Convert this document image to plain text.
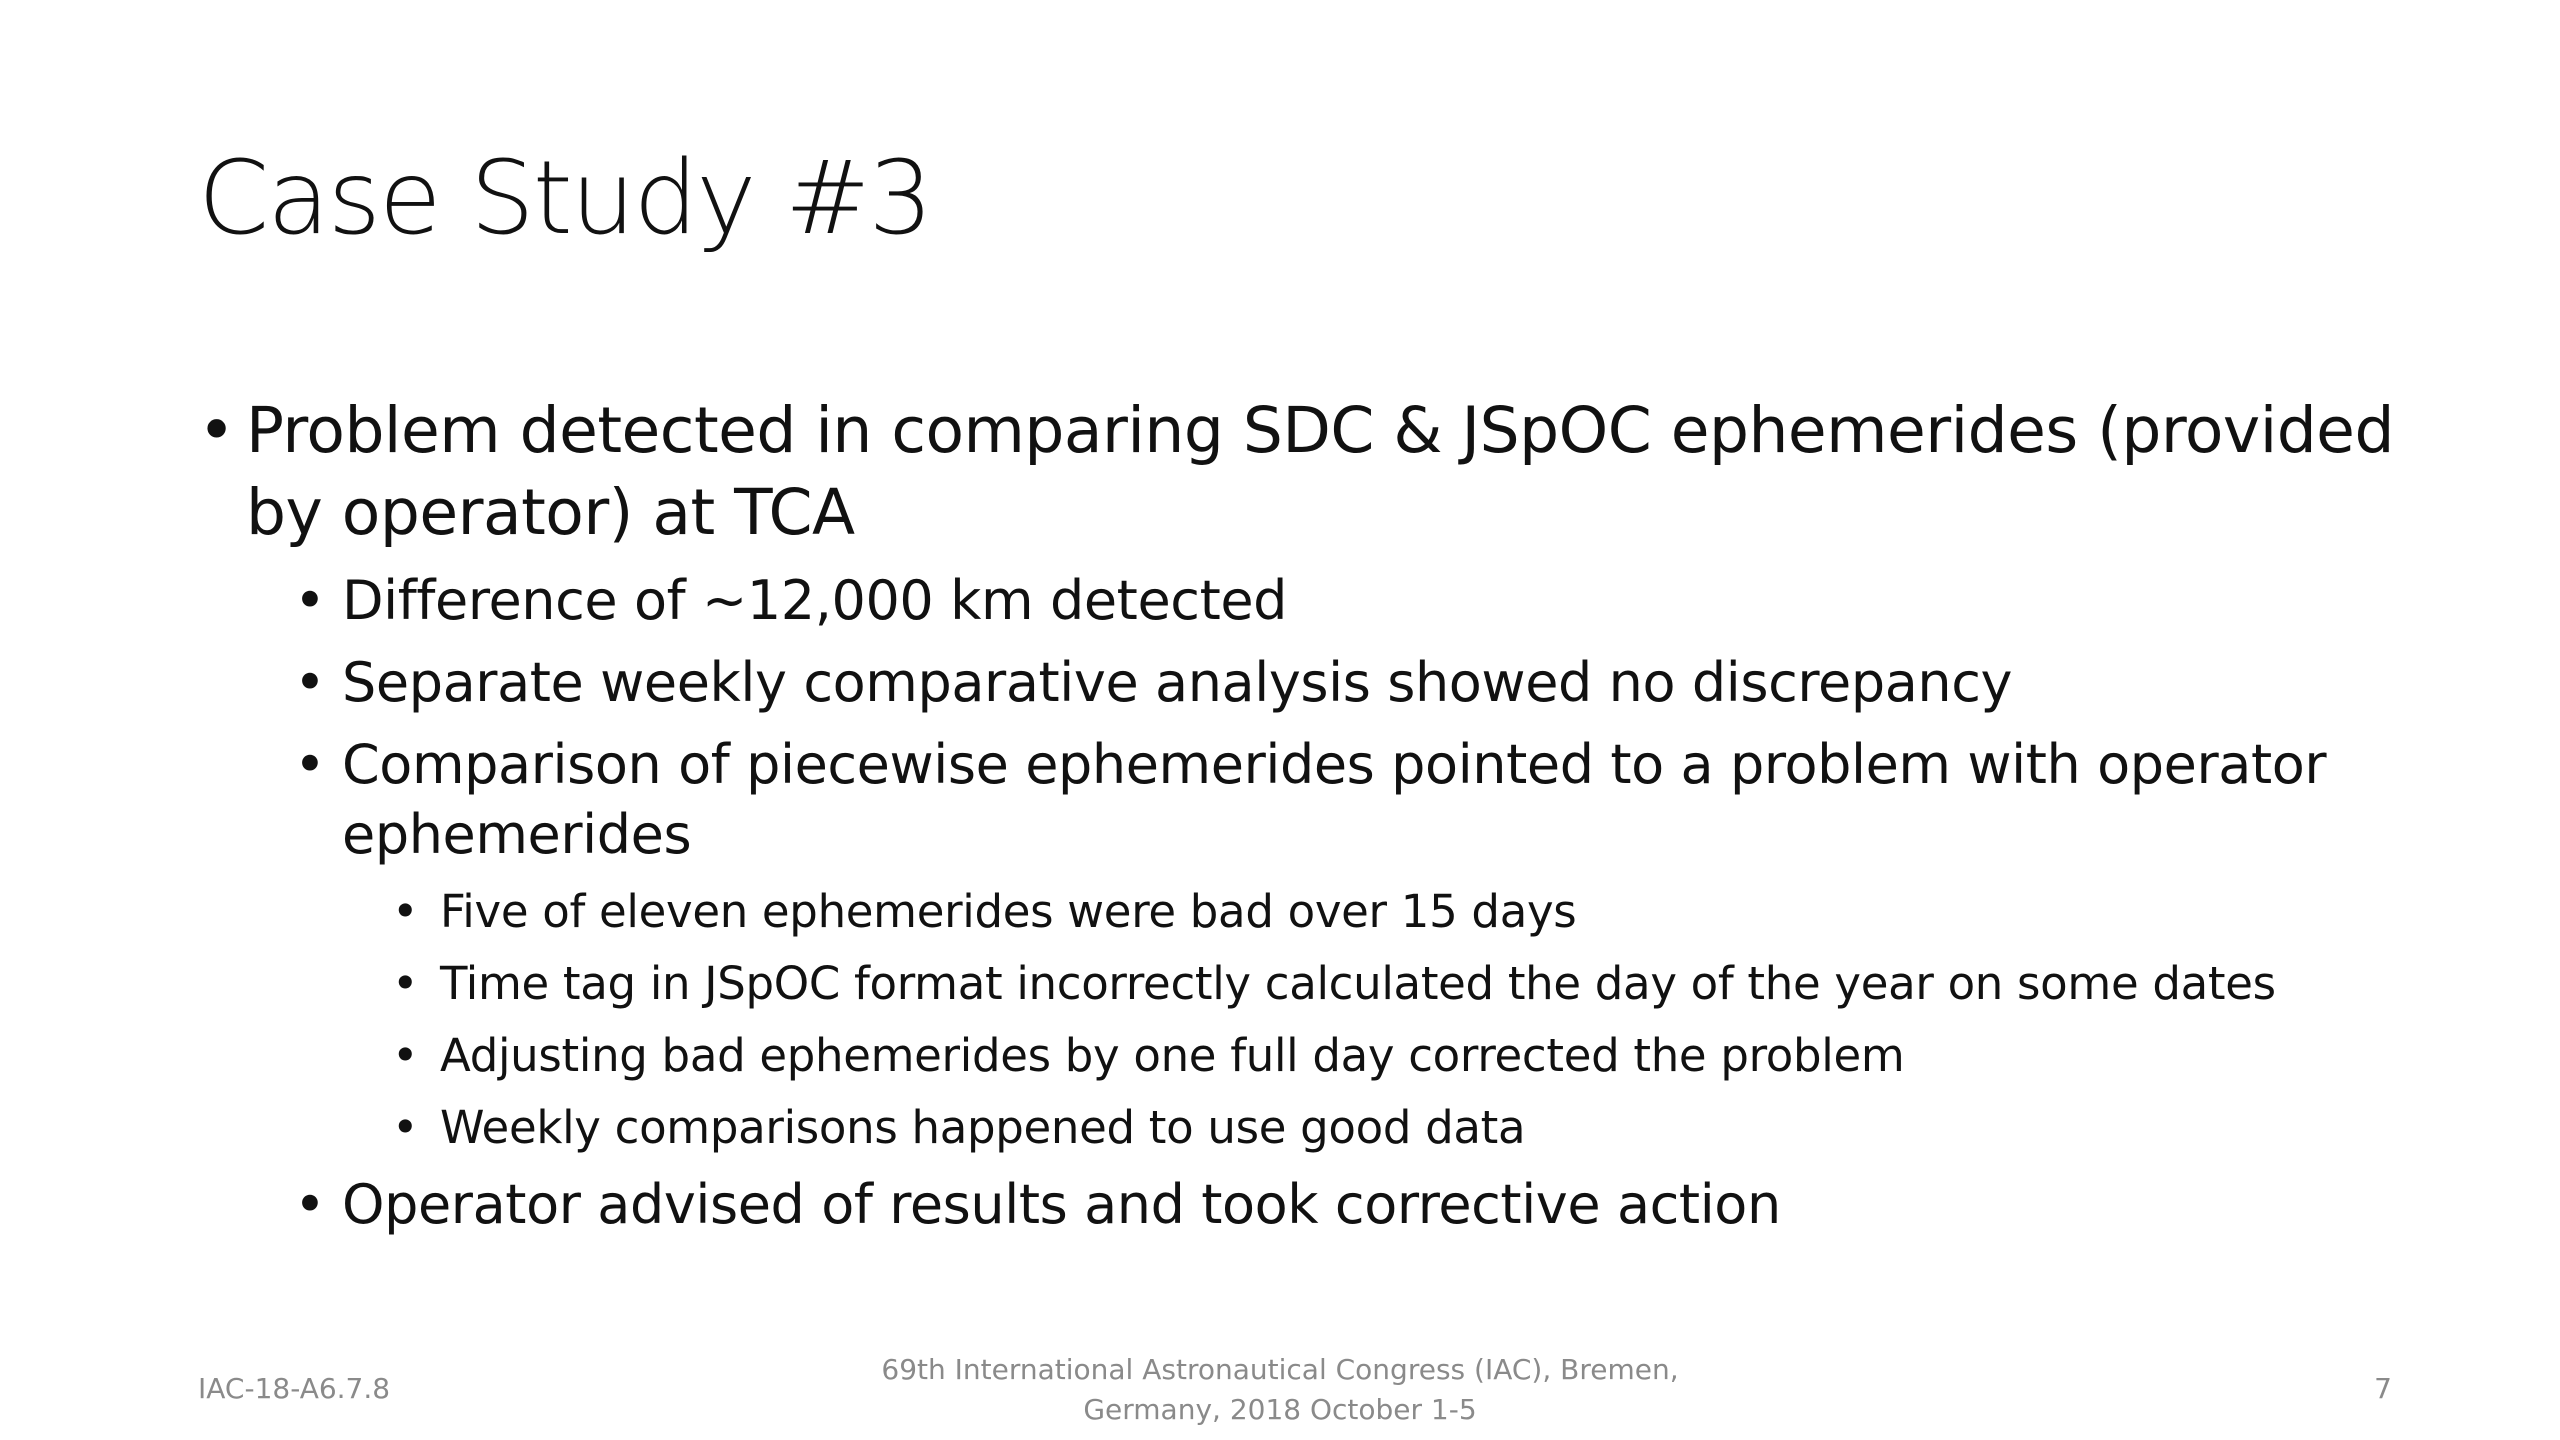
Case Study #3
• Problem detected in comparing SDC & JSpOC ephemerides (provided by operator) at TCA
• Difference of ~12,000 km detected
• Separate weekly comparative analysis showed no discrepancy
• Comparison of piecewise ephemerides pointed to a problem with operator ephemerides
• Five of eleven ephemerides were bad over 15 days
• Time tag in JSpOC format incorrectly calculated the day of the year on some dates
• Adjusting bad ephemerides by one full day corrected the problem
• Weekly comparisons happened to use good data
• Operator advised of results and took corrective action
IAC-18-A6.7.8
69th International Astronautical Congress (IAC), Bremen,
Germany, 2018 October 1-5
7
